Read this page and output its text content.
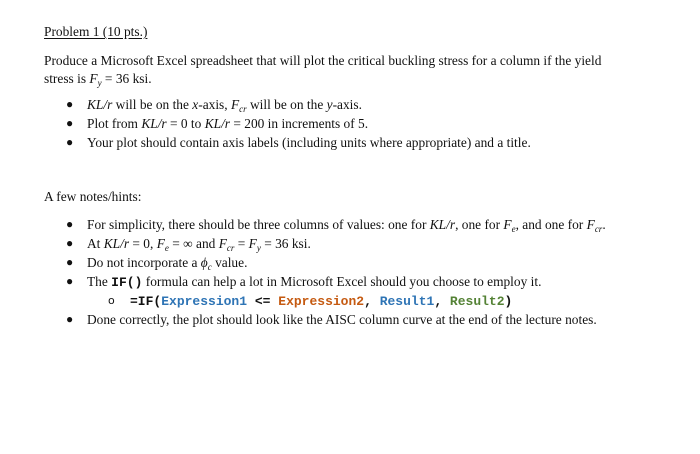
Problem 1 (10 pts.)
Produce a Microsoft Excel spreadsheet that will plot the critical buckling stress for a column if the yield
stress is $F_y = 36$ ksi.
● KL/r will be on the x-axis, $F_{cr}$ will be on the y-axis.
● Plot from KL/r = 0 to KL/r = 200 in increments of 5.
● Your plot should contain axis labels (including units where appropriate) and a title.
A few notes/hints:
● For simplicity, there should be three columns of values: one for KL/r, one for $F_e$, and one for $F_{cr}$.
● At KL/r = 0, $F_e$ = ∞ and $F_{cr} = F_y = 36$ ksi.
● Do not incorporate a $\phi_c$ value.
● The IF() formula can help a lot in Microsoft Excel should you choose to employ it.
o =IF(Expression1 <= Expression2, Result1, Result2)
● Done correctly, the plot should look like the AISC column curve at the end of the lecture notes.
